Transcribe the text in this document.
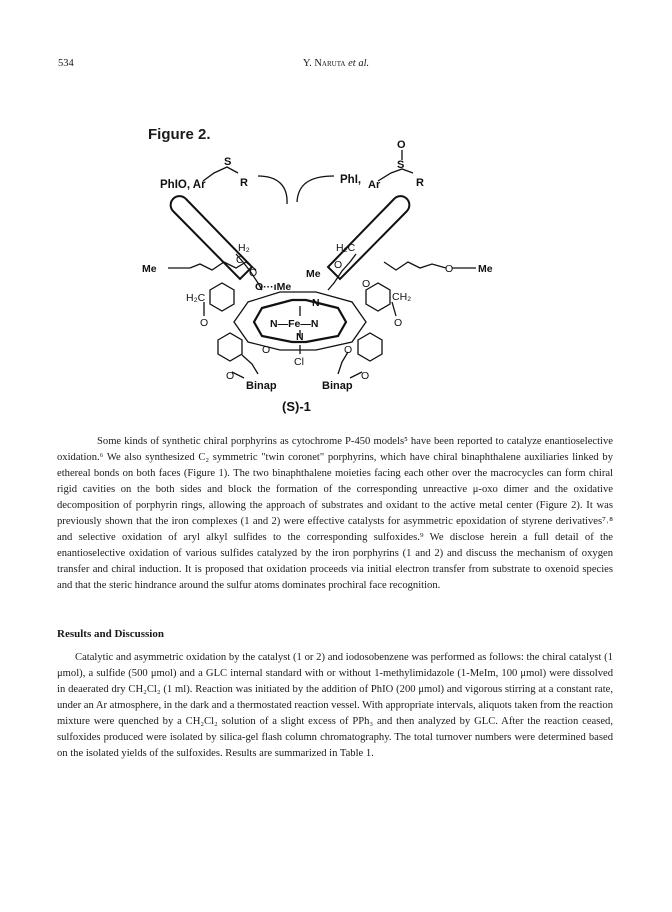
534	Y. Naruta et al.
Figure 2.
PhIO, Ar
S
R	PhI,
O
S
Ar	R
Me	Me
O
H₂
C
O
O···ıMe
H₂C
O
Me
O
H₂C	CH₂
O	O
N
N—Fe—N
N
O	O
Cl
O	O
Binap	Binap
(S)-1
Some kinds of synthetic chiral porphyrins as cytochrome P-450 models⁵ have been reported to catalyze enantioselective oxidation.⁶ We also synthesized C₂ symmetric "twin coronet" porphyrins, which have chiral binaphthalene auxiliaries linked by ethereal bonds on both faces (Figure 1). The two binaphthalene moieties facing each other over the macrocycles can form chiral rigid cavities on the both sides and block the formation of the corresponding unreactive μ-oxo dimer and the oxidative decomposition of porphyrin rings, allowing the approach of substrates and oxidant to the active metal center (Figure 2). It was previously shown that the iron complexes (1 and 2) were effective catalysts for asymmetric epoxidation of styrene derivatives⁷˒⁸ and selective oxidation of aryl alkyl sulfides to the corresponding sulfoxides.⁹ We disclose herein a full detail of the enantioselective oxidation of various sulfides catalyzed by the iron porphyrins (1 and 2) and discuss the mechanism of oxygen transfer and chiral induction. It is proposed that oxidation proceeds via initial electron transfer from substrate to oxenoid species and that the steric hindrance around the sulfur atoms dominates prochiral face recognition.
Results and Discussion
Catalytic and asymmetric oxidation by the catalyst (1 or 2) and iodosobenzene was performed as follows: the chiral catalyst (1 μmol), a sulfide (500 μmol) and a GLC internal standard with or without 1-methylimidazole (1-MeIm, 100 μmol) were dissolved in deaerated dry CH₂Cl₂ (1 ml). Reaction was initiated by the addition of PhIO (200 μmol) and vigorous stirring at a constant rate, under an Ar atmosphere, in the dark and a thermostated reaction vessel. With appropriate intervals, aliquots taken from the reaction mixture were quenched by a CH₂Cl₂ solution of a slight excess of PPh₃ and then analyzed by GLC. After the reaction ceased, sulfoxides produced were isolated by silica-gel flash column chromatography. The total turnover numbers were determined based on the isolated yields of the sulfoxides. Results are summarized in Table 1.
